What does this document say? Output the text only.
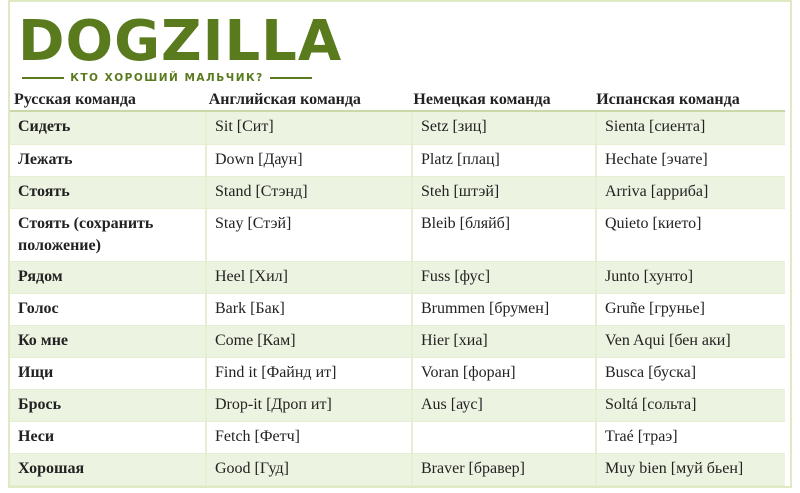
DOGZILLA
КТО ХОРОШИЙ МАЛЬЧИК?
Русская команда	Английская команда	Немецкая команда	Испанская команда
Сидеть	Sit [Сит]	Setz [зиц]	Sienta [сиента]
Лежать	Down [Даун]	Platz [плац]	Hechate [эчате]
Стоять	Stand [Стэнд]	Steh [штэй]	Arriva [арриба]
Стоять (сохранить положение)	Stay [Стэй]	Bleib [бляйб]	Quieto [киeто]
Рядом	Heel [Хил]	Fuss [фус]	Junto [хунто]
Голос	Bark [Бак]	Brummen [брумен]	Gruñe [грунье]
Ко мне	Come [Кам]	Hier [хиа]	Ven Aqui [бен аки]
Ищи	Find it [Файнд ит]	Voran [форан]	Busca [буска]
Брось	Drop-it [Дроп ит]	Aus [аус]	Soltá [сольта]
Неси	Fetch [Фетч]		Traé [траэ]
Хорошая	Good [Гуд]	Braver [бравер]	Muy bien [муй бьен]
